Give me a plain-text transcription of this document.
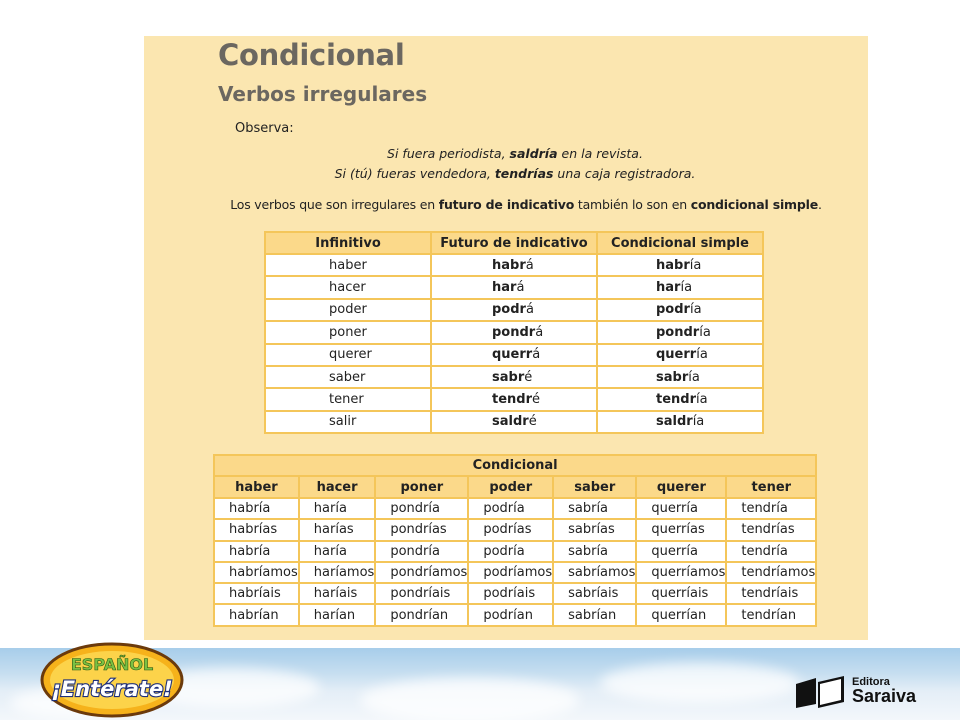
Condicional
Verbos irregulares
Observa:
Si fuera periodista, saldría en la revista.
Si (tú) fueras vendedora, tendrías una caja registradora.
Los verbos que son irregulares en futuro de indicativo también lo son en condicional simple.
Infinitivo	Futuro de indicativo	Condicional simple
haber	habrá	habría
hacer	hará	haría
poder	podrá	podría
poner	pondrá	pondría
querer	querrá	querría
saber	sabré	sabría
tener	tendré	tendría
salir	saldré	saldría
Condicional						
haber	hacer	poner	poder	saber	querer	tener
habría	haría	pondría	podría	sabría	querría	tendría
habrías	harías	pondrías	podrías	sabrías	querrías	tendrías
habría	haría	pondría	podría	sabría	querría	tendría
habríamos	haríamos	pondríamos	podríamos	sabríamos	querríamos	tendríamos
habríais	haríais	pondríais	podríais	sabríais	querríais	tendríais
habrían	harían	pondrían	podrían	sabrían	querrían	tendrían
ESPAÑOL
¡Entérate!	Editora
Saraiva
